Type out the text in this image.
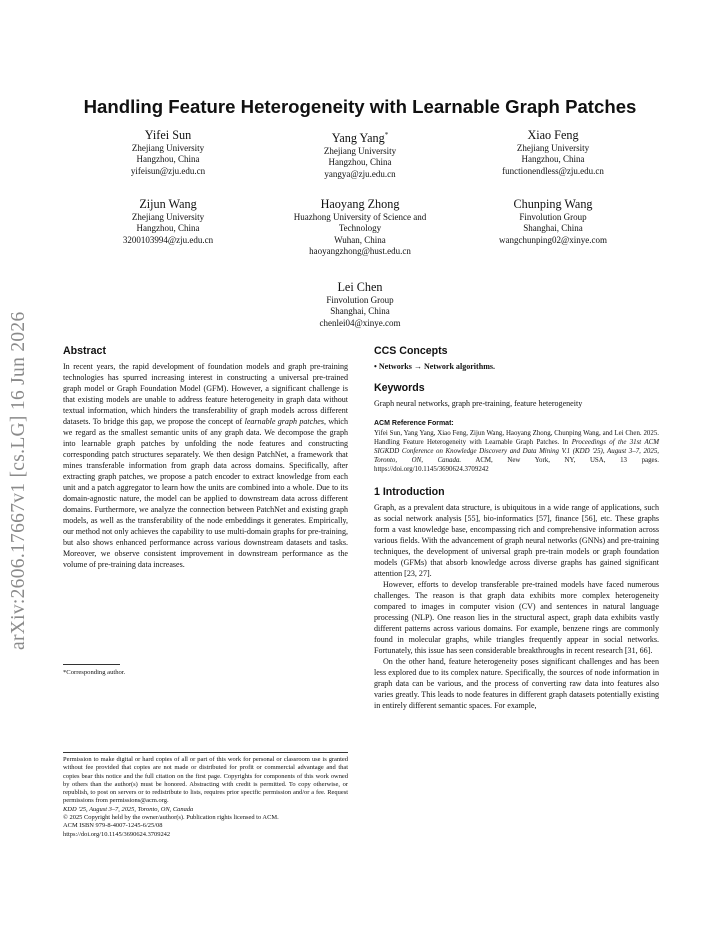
arXiv:2606.17667v1 [cs.LG] 16 Jun 2026
Handling Feature Heterogeneity with Learnable Graph Patches
Yifei Sun
Zhejiang University
Hangzhou, China
yifeisun@zju.edu.cn
Yang Yang*
Zhejiang University
Hangzhou, China
yangya@zju.edu.cn
Xiao Feng
Zhejiang University
Hangzhou, China
functionendless@zju.edu.cn
Zijun Wang
Zhejiang University
Hangzhou, China
3200103994@zju.edu.cn
Haoyang Zhong
Huazhong University of Science and
Technology
Wuhan, China
haoyangzhong@hust.edu.cn
Chunping Wang
Finvolution Group
Shanghai, China
wangchunping02@xinye.com
Lei Chen
Finvolution Group
Shanghai, China
chenlei04@xinye.com
Abstract

In recent years, the rapid development of foundation models and graph pre-training technologies has spurred increasing interest in constructing a universal pre-trained graph model or Graph Foundation Model (GFM). However, a significant challenge is that existing models are unable to address feature heterogeneity in graph data without textual information, which hinders the transferability of graph models across different datasets. To bridge this gap, we propose the concept of learnable graph patches, which we regard as the smallest semantic units of any graph data. We decompose the graph into learnable graph patches by unfolding the node features and constructing corresponding patch structures separately. We then design PatchNet, a framework that mines transferable information from graph data across domains. Specifically, after extracting graph patches, we propose a patch encoder to extract knowledge from each unit and a patch aggregator to learn how the units are combined into a whole. Due to its domain-agnostic nature, the model can be applied to downstream data across different domains. Furthermore, we analyze the connection between PatchNet and existing graph models, as well as the transferability of the node embeddings it generates. Empirically, our method not only achieves the capability to use multi-domain graphs for pre-training, but also shows enhanced performance across various downstream datasets and tasks. Moreover, we observe consistent improvement in downstream performance as the volume of pre-training data increases.

*Corresponding author.

Permission to make digital or hard copies of all or part of this work for personal or classroom use is granted without fee provided that copies are not made or distributed for profit or commercial advantage and that copies bear this notice and the full citation on the first page. Copyrights for components of this work owned by others than the author(s) must be honored. Abstracting with credit is permitted. To copy otherwise, or republish, to post on servers or to redistribute to lists, requires prior specific permission and/or a fee. Request permissions from permissions@acm.org.

KDD '25, August 3–7, 2025, Toronto, ON, Canada

© 2025 Copyright held by the owner/author(s). Publication rights licensed to ACM.

ACM ISBN 979-8-4007-1245-6/25/08

https://doi.org/10.1145/3690624.3709242

CCS Concepts

• Networks → Network algorithms.

Keywords

Graph neural networks, graph pre-training, feature heterogeneity

ACM Reference Format:

Yifei Sun, Yang Yang, Xiao Feng, Zijun Wang, Haoyang Zhong, Chunping Wang, and Lei Chen. 2025. Handling Feature Heterogeneity with Learnable Graph Patches. In Proceedings of the 31st ACM SIGKDD Conference on Knowledge Discovery and Data Mining V.1 (KDD '25), August 3–7, 2025, Toronto, ON, Canada. ACM, New York, NY, USA, 13 pages. https://doi.org/10.1145/3690624.3709242

1 Introduction

Graph, as a prevalent data structure, is ubiquitous in a wide range of applications, such as social network analysis [55], bio-informatics [57], finance [56], etc. These graphs form a vast knowledge base, encompassing rich and comprehensive information across various fields. With the advancement of graph neural networks (GNNs) and pre-training techniques, the development of universal graph pre-train models or graph foundation models (GFMs) that absorb knowledge across diverse graphs has gained significant attention [23, 27].

However, efforts to develop transferable pre-trained models have faced numerous challenges. The reason is that graph data exhibits more complex heterogeneity compared to images in computer vision (CV) and sentences in natural language processing (NLP). One reason lies in the structural aspect, graph data exhibits vastly different patterns across various domains. For example, benzene rings are commonly found in molecular graphs, while triangles frequently appear in social networks. Fortunately, this issue has seen considerable breakthroughs in recent research [31, 66].

On the other hand, feature heterogeneity poses significant challenges and has been less explored due to its complex nature. Specifically, the sources of node information in graph data can be various, and the process of converting raw data into features also varies greatly. This leads to node features in different graph datasets potentially existing in entirely different semantic spaces. For example,
